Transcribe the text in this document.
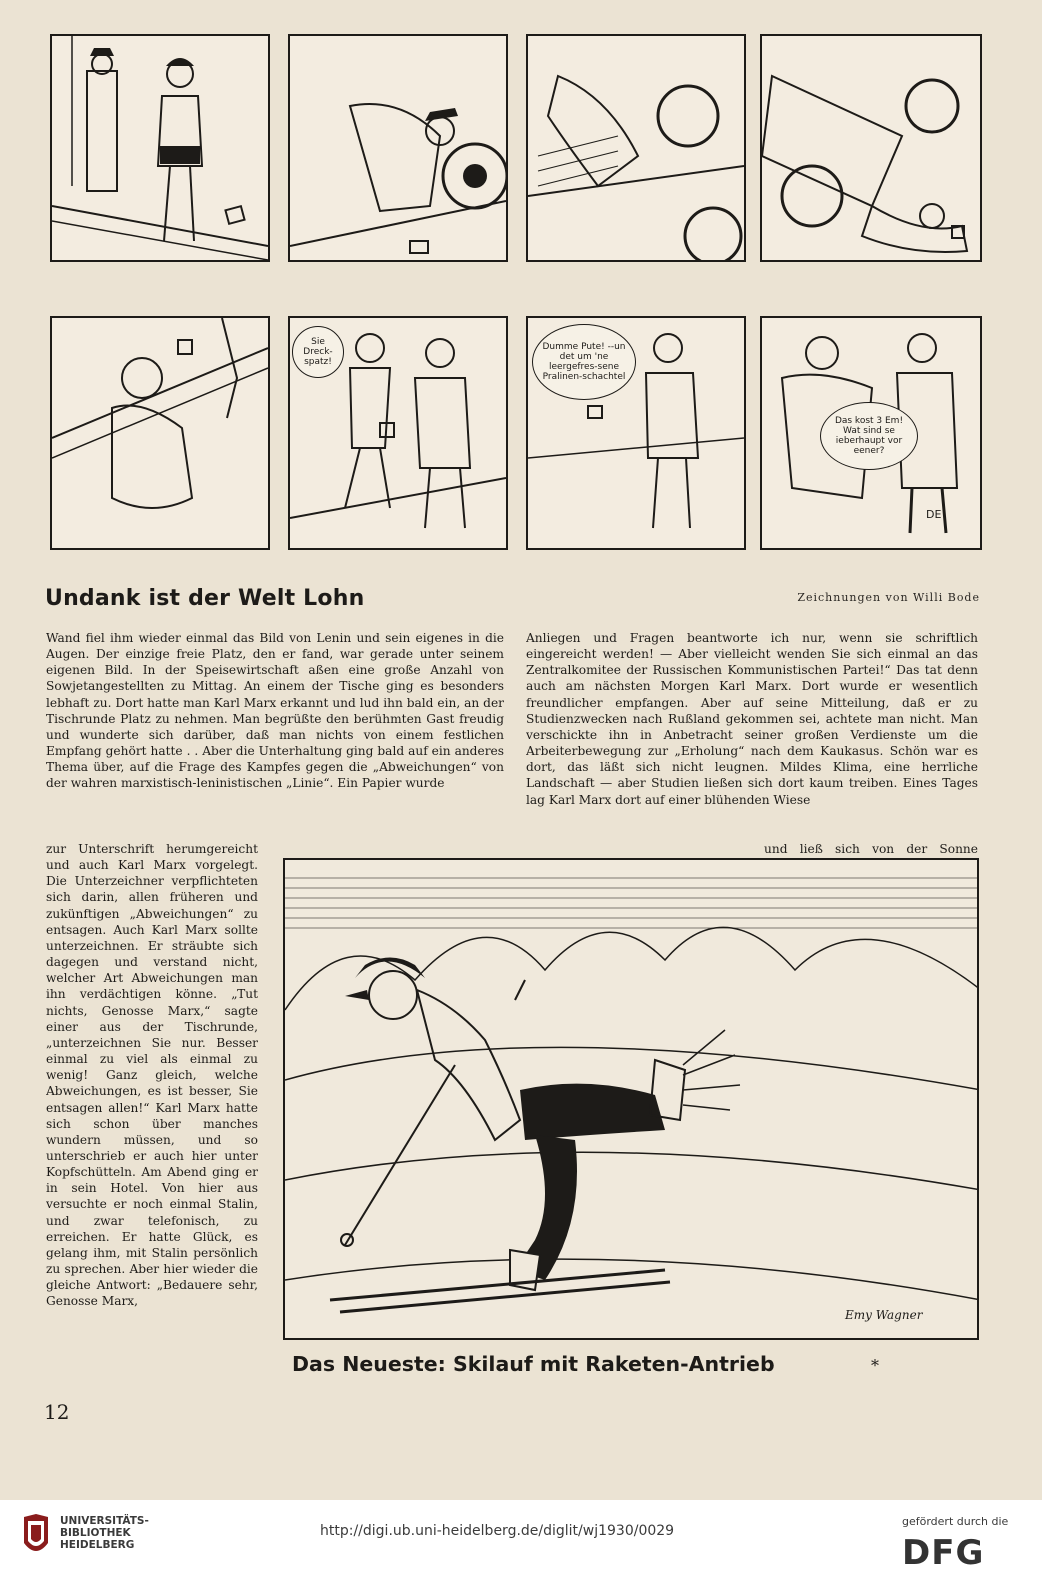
Sie Dreck-spatz!
Dumme Pute! --un det um 'ne leergefres-sene Pralinen-schachtel
Das kost 3 Em! Wat sind se ieberhaupt vor eener?
DE
Undank ist der Welt Lohn	Zeichnungen von Willi Bode

Wand fiel ihm wieder einmal das Bild von Lenin und sein eigenes in die Augen. Der einzige freie Platz, den er fand, war gerade unter seinem eigenen Bild. In der Speisewirtschaft aßen eine große Anzahl von Sowjetangestellten zu Mittag. An einem der Tische ging es besonders lebhaft zu. Dort hatte man Karl Marx erkannt und lud ihn bald ein, an der Tischrunde Platz zu nehmen. Man begrüßte den berühmten Gast freudig und wunderte sich darüber, daß man nichts von einem festlichen Empfang gehört hatte . . Aber die Unterhaltung ging bald auf ein anderes Thema über, auf die Frage des Kampfes gegen die „Abweichungen“ von der wahren marxistisch-leninistischen „Linie“. Ein Papier wurde

zur Unterschrift herumgereicht und auch Karl Marx vorgelegt. Die Unterzeichner verpflichteten sich darin, allen früheren und zukünftigen „Abweichungen“ zu entsagen. Auch Karl Marx sollte unterzeichnen. Er sträubte sich dagegen und verstand nicht, welcher Art Abweichungen man ihn verdächtigen könne. „Tut nichts, Genosse Marx,“ sagte einer aus der Tischrunde, „unterzeichnen Sie nur. Besser einmal zu viel als einmal zu wenig! Ganz gleich, welche Abweichungen, es ist besser, Sie entsagen allen!“ Karl Marx hatte sich schon über manches wundern müssen, und so unterschrieb er auch hier unter Kopfschütteln. Am Abend ging er in sein Hotel. Von hier aus versuchte er noch einmal Stalin, und zwar telefonisch, zu erreichen. Er hatte Glück, es gelang ihm, mit Stalin persönlich zu sprechen. Aber hier wieder die gleiche Antwort: „Bedauere sehr, Genosse Marx,

Anliegen und Fragen beantworte ich nur, wenn sie schriftlich eingereicht werden! — Aber vielleicht wenden Sie sich einmal an das Zentralkomitee der Russischen Kommunistischen Partei!“ Das tat denn auch am nächsten Morgen Karl Marx. Dort wurde er wesentlich freundlicher empfangen. Aber auf seine Mitteilung, daß er zu Studienzwecken nach Rußland gekommen sei, achtete man nicht. Man verschickte ihn in Anbetracht seiner großen Verdienste um die Arbeiterbewegung zur „Erholung“ nach dem Kaukasus. Schön war es dort, das läßt sich nicht leugnen. Mildes Klima, eine herrliche Landschaft — aber Studien ließen sich dort kaum treiben. Eines Tages lag Karl Marx dort auf einer blühenden Wiese

und ließ sich von der Sonne

Emy Wagner
Das Neueste: Skilauf mit Raketen-Antrieb	*
12
UNIVERSITÄTS-
BIBLIOTHEK
HEIDELBERG
http://digi.ub.uni-heidelberg.de/diglit/wj1930/0029
gefördert durch die
DFG
